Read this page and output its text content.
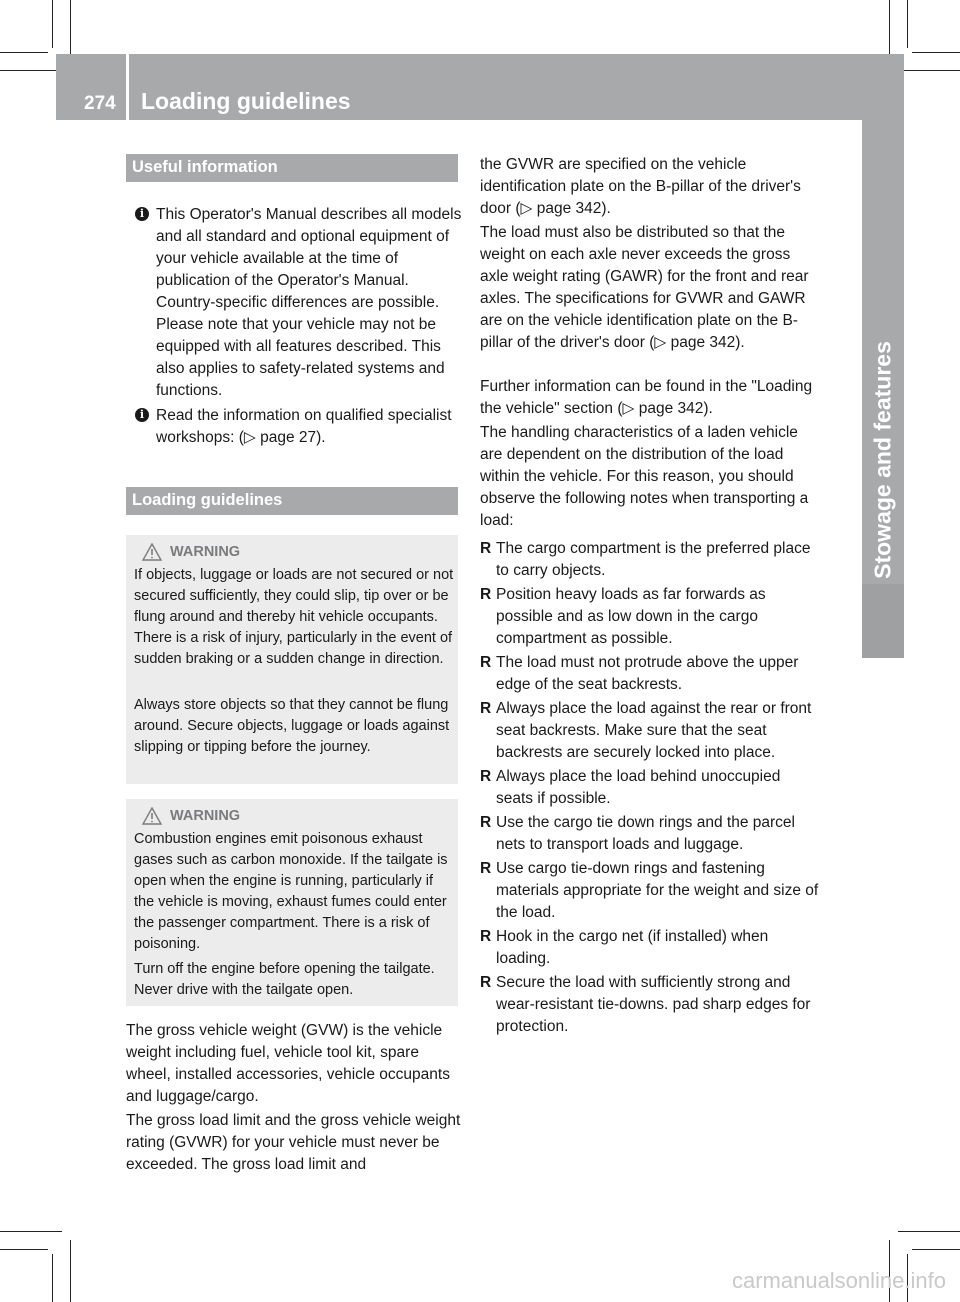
274 Loading guidelines
Stowage and features
Useful information
i This Operator's Manual describes all models and all standard and optional equipment of your vehicle available at the time of publication of the Operator's Manual. Country-specific differences are possible. Please note that your vehicle may not be equipped with all features described. This also applies to safety-related systems and functions.
i Read the information on qualified specialist workshops: (▷ page 27).
Loading guidelines
WARNING
If objects, luggage or loads are not secured or not secured sufficiently, they could slip, tip over or be flung around and thereby hit vehicle occupants. There is a risk of injury, particularly in the event of sudden braking or a sudden change in direction.
Always store objects so that they cannot be flung around. Secure objects, luggage or loads against slipping or tipping before the journey.
WARNING
Combustion engines emit poisonous exhaust gases such as carbon monoxide. If the tailgate is open when the engine is running, particularly if the vehicle is moving, exhaust fumes could enter the passenger compartment. There is a risk of poisoning.
Turn off the engine before opening the tailgate. Never drive with the tailgate open.
The gross vehicle weight (GVW) is the vehicle weight including fuel, vehicle tool kit, spare wheel, installed accessories, vehicle occupants and luggage/cargo.
The gross load limit and the gross vehicle weight rating (GVWR) for your vehicle must never be exceeded. The gross load limit and
the GVWR are specified on the vehicle identification plate on the B-pillar of the driver's door (▷ page 342).
The load must also be distributed so that the weight on each axle never exceeds the gross axle weight rating (GAWR) for the front and rear axles. The specifications for GVWR and GAWR are on the vehicle identification plate on the B-pillar of the driver's door (▷ page 342).
Further information can be found in the "Loading the vehicle" section (▷ page 342).
The handling characteristics of a laden vehicle are dependent on the distribution of the load within the vehicle. For this reason, you should observe the following notes when transporting a load:
R The cargo compartment is the preferred place to carry objects.
R Position heavy loads as far forwards as possible and as low down in the cargo compartment as possible.
R The load must not protrude above the upper edge of the seat backrests.
R Always place the load against the rear or front seat backrests. Make sure that the seat backrests are securely locked into place.
R Always place the load behind unoccupied seats if possible.
R Use the cargo tie down rings and the parcel nets to transport loads and luggage.
R Use cargo tie-down rings and fastening materials appropriate for the weight and size of the load.
R Hook in the cargo net (if installed) when loading.
R Secure the load with sufficiently strong and wear-resistant tie-downs. pad sharp edges for protection.
carmanualsonline.info
